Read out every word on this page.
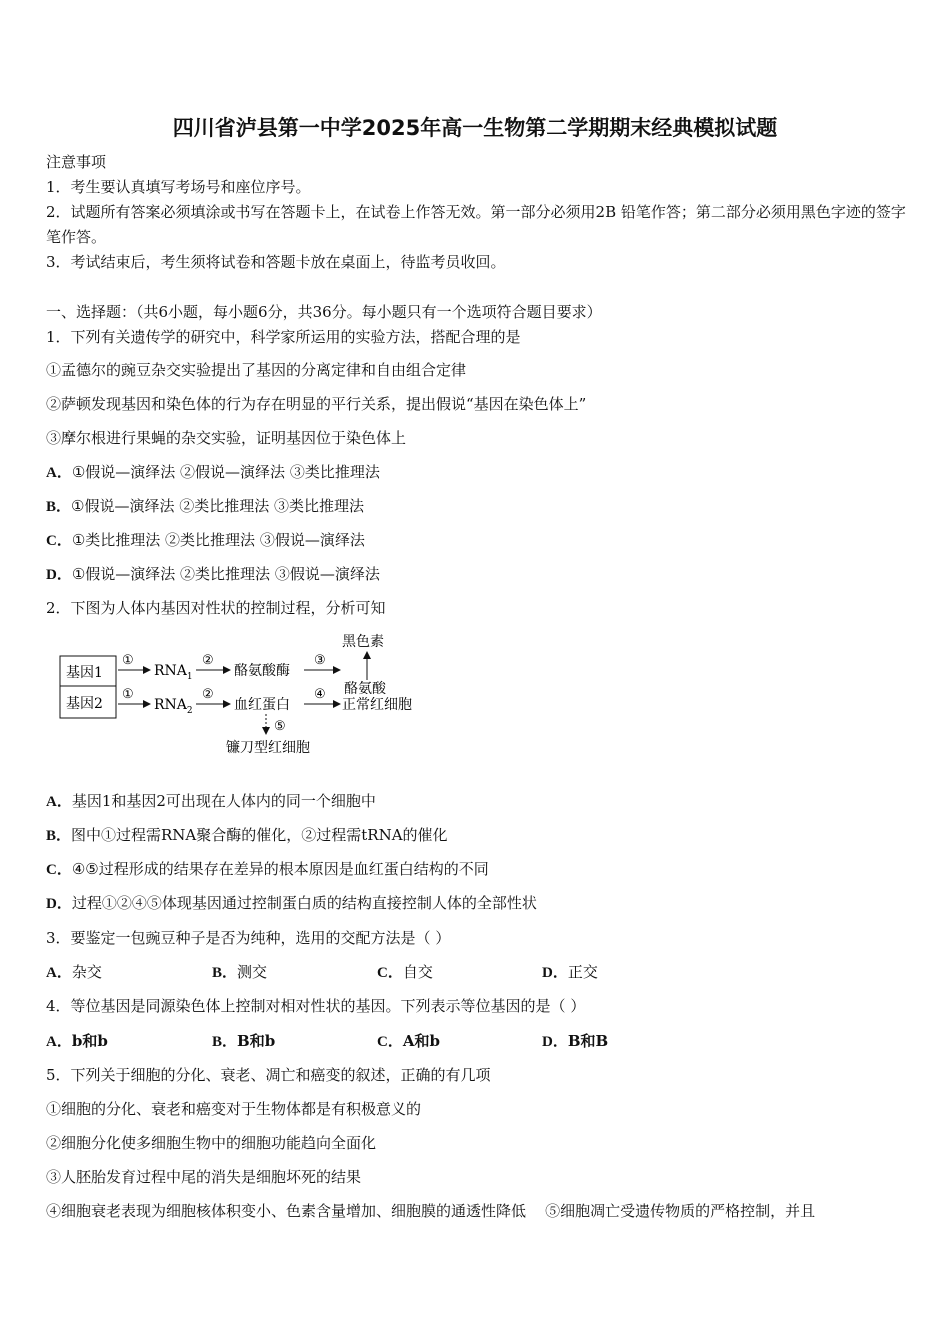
四川省泸县第一中学2025年高一生物第二学期期末经典模拟试题
注意事项
1．考生要认真填写考场号和座位序号。
2．试题所有答案必须填涂或书写在答题卡上，在试卷上作答无效。第一部分必须用2B 铅笔作答；第二部分必须用黑色字迹的签字笔作答。
3．考试结束后，考生须将试卷和答题卡放在桌面上，待监考员收回。
一、选择题：（共6小题，每小题6分，共36分。每小题只有一个选项符合题目要求）
1．下列有关遗传学的研究中，科学家所运用的实验方法，搭配合理的是
①孟德尔的豌豆杂交实验提出了基因的分离定律和自由组合定律
②萨顿发现基因和染色体的行为存在明显的平行关系，提出假说“基因在染色体上”
③摩尔根进行果蝇的杂交实验，证明基因位于染色体上
A．①假说—演绎法 ②假说—演绎法 ③类比推理法
B．①假说—演绎法 ②类比推理法 ③类比推理法
C．①类比推理法 ②类比推理法 ③假说—演绎法
D．①假说—演绎法 ②类比推理法 ③假说—演绎法
2．下图为人体内基因对性状的控制过程，分析可知
基因1
基因2
①
$RNA_1$
②
酪氨酸酶
③
黑色素
酪氨酸
①
$RNA_2$
②
血红蛋白
④
正常红细胞
⑤
镰刀型红细胞
A．基因1和基因2可出现在人体内的同一个细胞中
B．图中①过程需RNA聚合酶的催化，②过程需tRNA的催化
C．④⑤过程形成的结果存在差异的根本原因是血红蛋白结构的不同
D．过程①②④⑤体现基因通过控制蛋白质的结构直接控制人体的全部性状
3．要鉴定一包豌豆种子是否为纯种，选用的交配方法是（ ）
A．杂交	B．测交	C．自交	D．正交
4．等位基因是同源染色体上控制对相对性状的基因。下列表示等位基因的是（ ）
A．b和b	B．B和b	C．A和b	D．B和B
5．下列关于细胞的分化、衰老、凋亡和癌变的叙述，正确的有几项
①细胞的分化、衰老和癌变对于生物体都是有积极意义的
②细胞分化使多细胞生物中的细胞功能趋向全面化
③人胚胎发育过程中尾的消失是细胞坏死的结果
④细胞衰老表现为细胞核体积变小、色素含量增加、细胞膜的通透性降低    ⑤细胞凋亡受遗传物质的严格控制，并且
